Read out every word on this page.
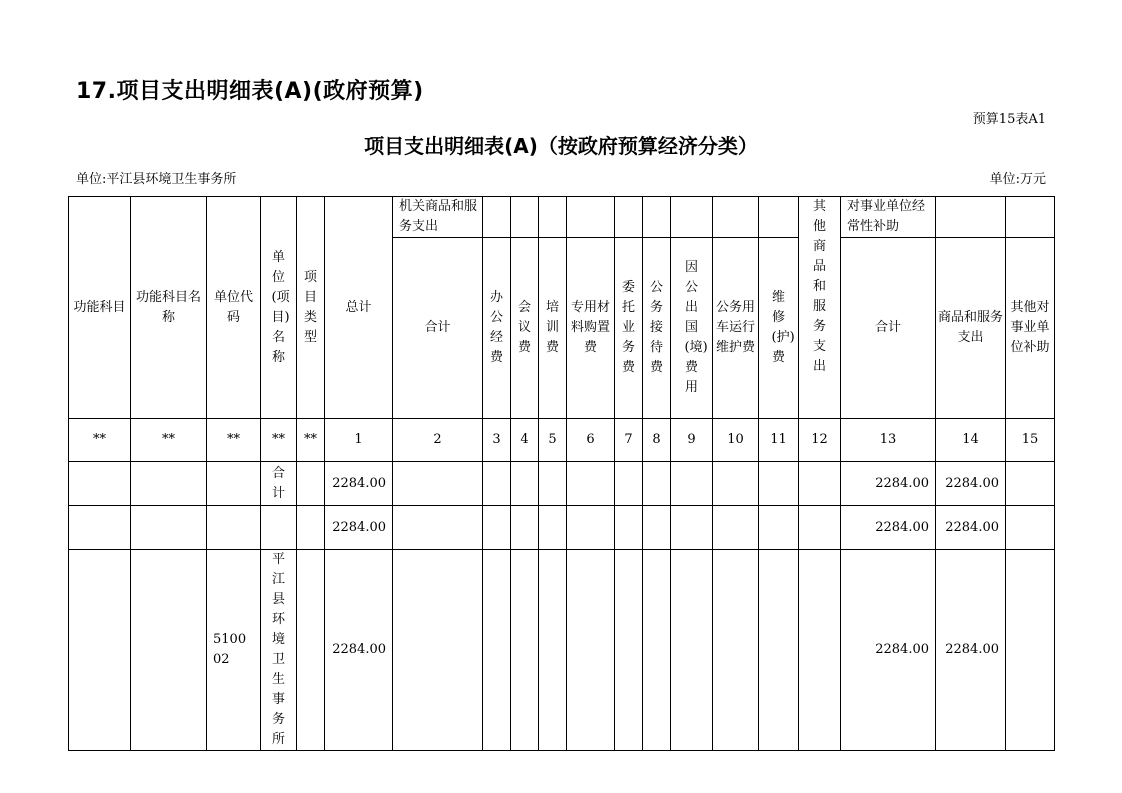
17.项目支出明细表(A)(政府预算)
预算15表A1
项目支出明细表(A)（按政府预算经济分类）
单位:平江县环境卫生事务所	单位:万元
功能科目	功能科目名称	单位代码	单位(项目)名称	项目类型	总计	机关商品和服务支出										其他商品和服务支出	对事业单位经常性补助		
						合计	办公经费	会议费	培训费	专用材料购置费	委托业务费	公务接待费	因公出国(境)费用	公务用车运行维护费	维修(护)费		合计	商品和服务支出	其他对事业单位补助
**	**	**	**	**	1	2	3	4	5	6	7	8	9	10	11	12	13	14	15
			合计		2284.00												2284.00	2284.00	
					2284.00												2284.00	2284.00	
		510002	平江县环境卫生事务所		2284.00												2284.00	2284.00	
